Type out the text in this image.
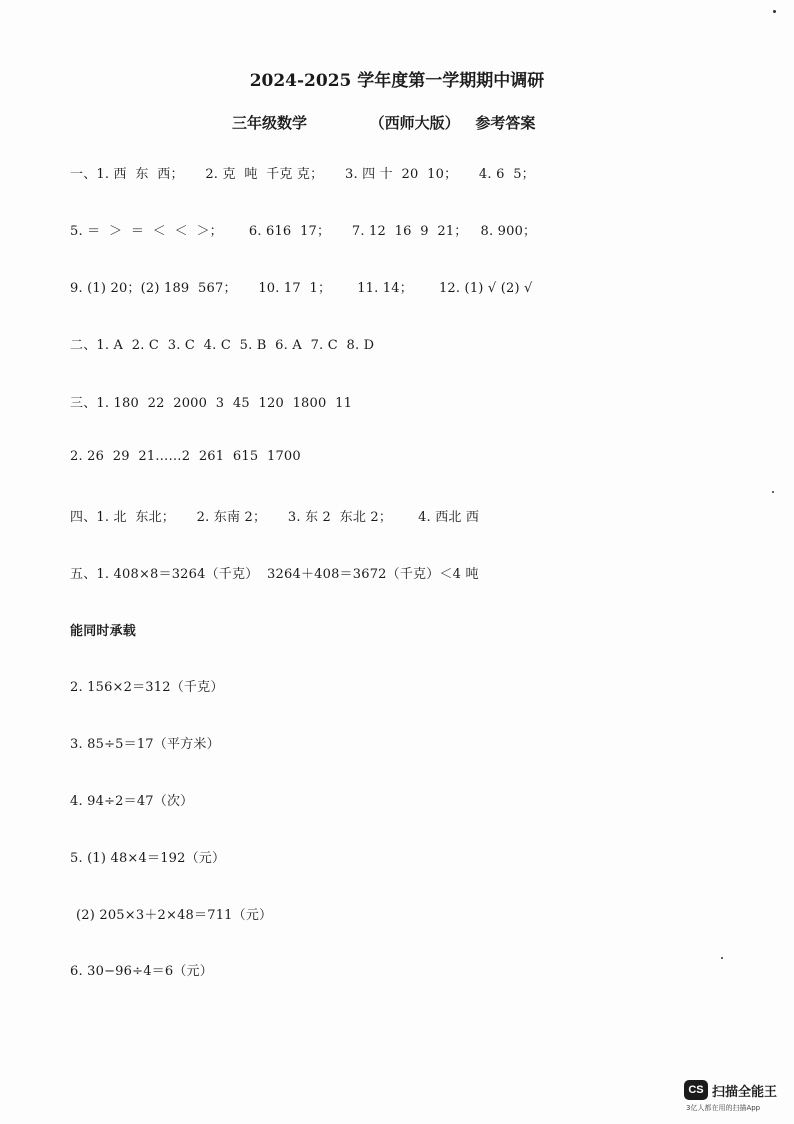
2024-2025 学年度第一学期期中调研
三年级数学            （西师大版）   参考答案
一、1. 西  东  西；     2. 克  吨  千克 克；     3. 四 十  20  10；     4. 6  5；
5. ＝  ＞  ＝  ＜  ＜  ＞；      6. 616  17；     7. 12  16  9  21；   8. 900；
9. (1) 20；(2) 189  567；     10. 17  1；      11. 14；      12. (1) √ (2) √
二、1. A  2. C  3. C  4. C  5. B  6. A  7. C  8. D
三、1. 180  22  2000  3  45  120  1800  11
2. 26  29  21……2  261  615  1700
四、1. 北  东北；     2. 东南 2；     3. 东 2  东北 2；      4. 西北 西
五、1. 408×8＝3264（千克）  3264＋408＝3672（千克）＜4 吨
能同时承载
2. 156×2＝312（千克）
3. 85÷5＝17（平方米）
4. 94÷2＝47（次）
5. (1) 48×4＝192（元）
(2) 205×3＋2×48＝711（元）
6. 30−96÷4＝6（元）
CS 扫描全能王
3亿人都在用的扫描App
